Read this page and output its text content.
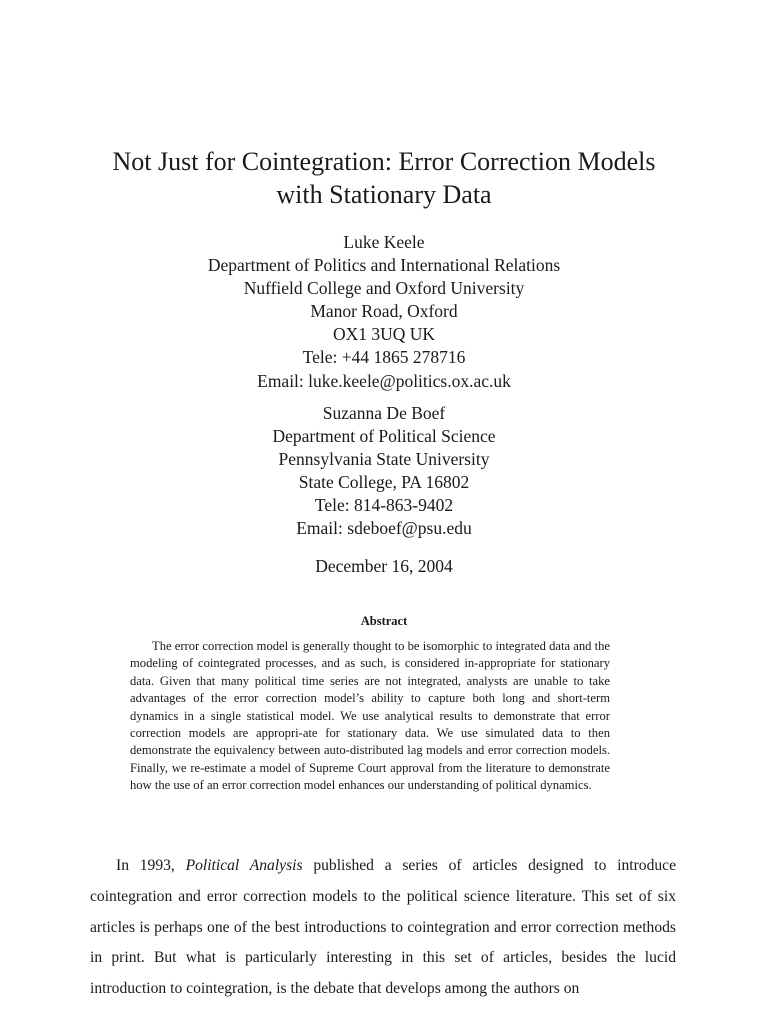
Not Just for Cointegration: Error Correction Models
with Stationary Data
Luke Keele
Department of Politics and International Relations
Nuffield College and Oxford University
Manor Road, Oxford
OX1 3UQ UK
Tele: +44 1865 278716
Email: luke.keele@politics.ox.ac.uk
Suzanna De Boef
Department of Political Science
Pennsylvania State University
State College, PA 16802
Tele: 814-863-9402
Email: sdeboef@psu.edu
December 16, 2004
Abstract
The error correction model is generally thought to be isomorphic to integrated data and the modeling of cointegrated processes, and as such, is considered in-appropriate for stationary data. Given that many political time series are not integrated, analysts are unable to take advantages of the error correction model’s ability to capture both long and short-term dynamics in a single statistical model. We use analytical results to demonstrate that error correction models are appropri-ate for stationary data. We use simulated data to then demonstrate the equivalency between auto-distributed lag models and error correction models. Finally, we re-estimate a model of Supreme Court approval from the literature to demonstrate how the use of an error correction model enhances our understanding of political dynamics.
In 1993, Political Analysis published a series of articles designed to introduce cointegration and error correction models to the political science literature. This set of six articles is perhaps one of the best introductions to cointegration and error correction methods in print. But what is particularly interesting in this set of articles, besides the lucid introduction to cointegration, is the debate that develops among the authors on
